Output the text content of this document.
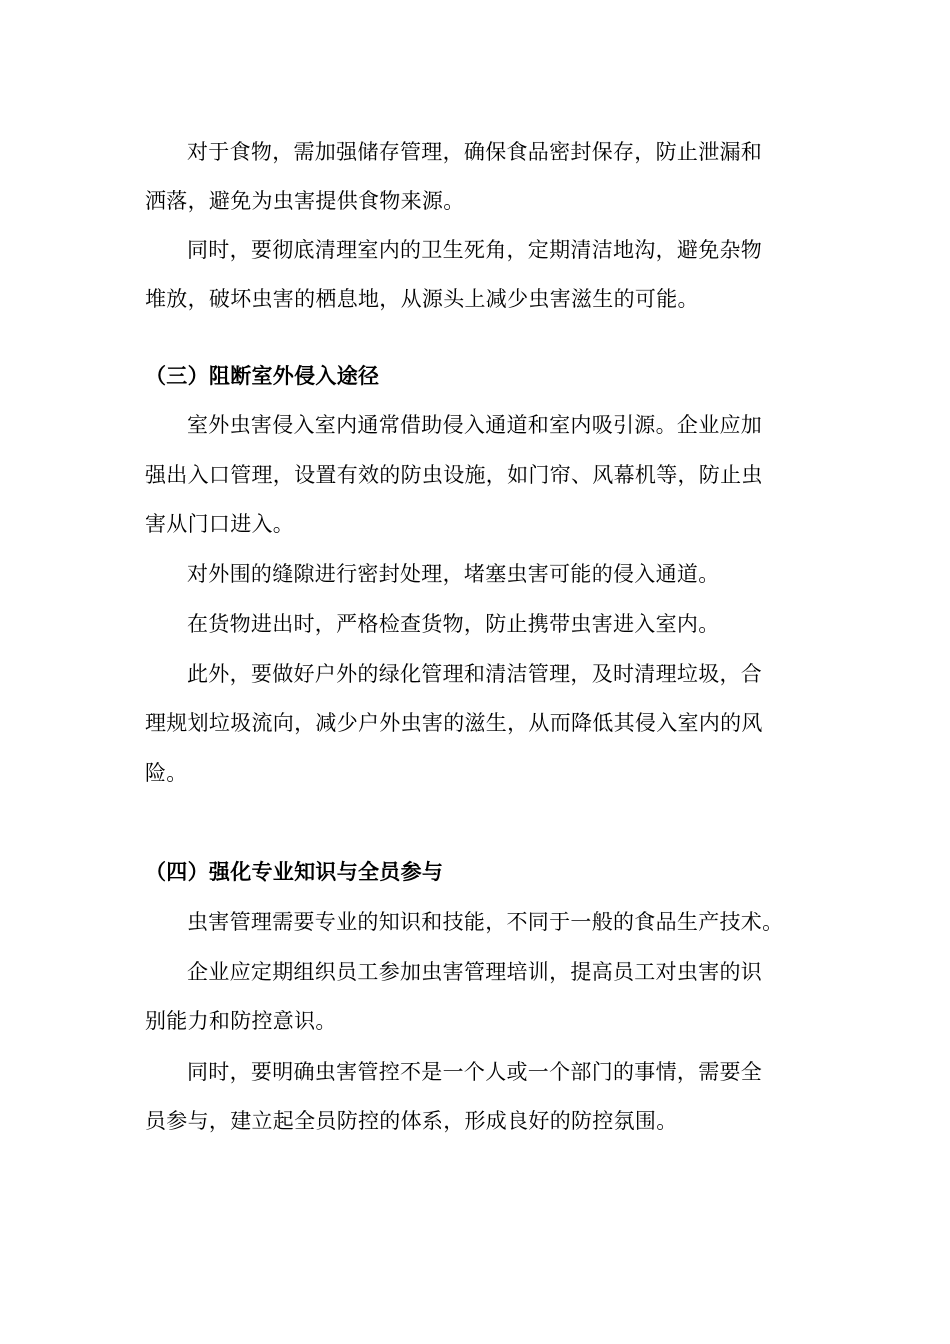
对于食物，需加强储存管理，确保食品密封保存，防止泄漏和
洒落，避免为虫害提供食物来源。
同时，要彻底清理室内的卫生死角，定期清洁地沟，避免杂物
堆放，破坏虫害的栖息地，从源头上减少虫害滋生的可能。
（三）阻断室外侵入途径
室外虫害侵入室内通常借助侵入通道和室内吸引源。企业应加
强出入口管理，设置有效的防虫设施，如门帘、风幕机等，防止虫
害从门口进入。
对外围的缝隙进行密封处理，堵塞虫害可能的侵入通道。
在货物进出时，严格检查货物，防止携带虫害进入室内。
此外，要做好户外的绿化管理和清洁管理，及时清理垃圾，合
理规划垃圾流向，减少户外虫害的滋生，从而降低其侵入室内的风
险。
（四）强化专业知识与全员参与
虫害管理需要专业的知识和技能，不同于一般的食品生产技术。
企业应定期组织员工参加虫害管理培训，提高员工对虫害的识
别能力和防控意识。
同时，要明确虫害管控不是一个人或一个部门的事情，需要全
员参与，建立起全员防控的体系，形成良好的防控氛围。
